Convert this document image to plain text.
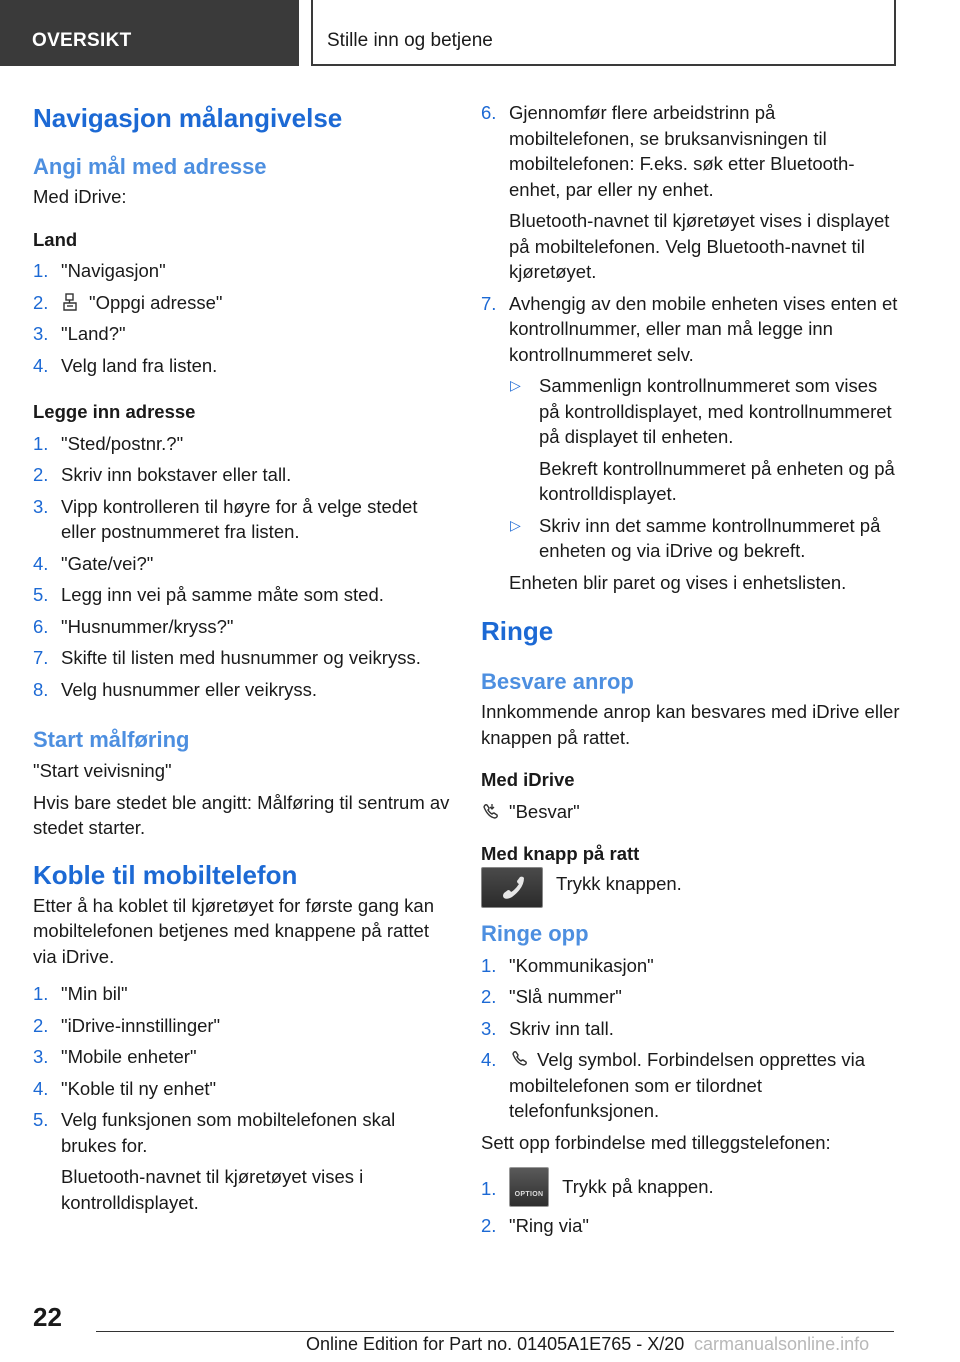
OVERSIKT	Stille inn og betjene
Navigasjon målangivelse
Angi mål med adresse
Med iDrive:
Land
1. "Navigasjon"
2. "Oppgi adresse"
3. "Land?"
4. Velg land fra listen.
Legge inn adresse
1. "Sted/postnr.?"
2. Skriv inn bokstaver eller tall.
3. Vipp kontrolleren til høyre for å velge stedet eller postnummeret fra listen.
4. "Gate/vei?"
5. Legg inn vei på samme måte som sted.
6. "Husnummer/kryss?"
7. Skifte til listen med husnummer og veikryss.
8. Velg husnummer eller veikryss.
Start målføring
"Start veivisning"
Hvis bare stedet ble angitt: Målføring til sentrum av stedet starter.
Koble til mobiltelefon
Etter å ha koblet til kjøretøyet for første gang kan mobiltelefonen betjenes med knappene på rattet via iDrive.
1. "Min bil"
2. "iDrive-innstillinger"
3. "Mobile enheter"
4. "Koble til ny enhet"
5. Velg funksjonen som mobiltelefonen skal brukes for.
Bluetooth-navnet til kjøretøyet vises i kontrolldisplayet.
6. Gjennomfør flere arbeidstrinn på mobiltelefonen, se bruksanvisningen til mobiltelefonen: F.eks. søk etter Bluetooth-enhet, par eller ny enhet.
Bluetooth-navnet til kjøretøyet vises i displayet på mobiltelefonen. Velg Bluetooth-navnet til kjøretøyet.
7. Avhengig av den mobile enheten vises enten et kontrollnummer, eller man må legge inn kontrollnummeret selv.
▷ Sammenlign kontrollnummeret som vises på kontrolldisplayet, med kontrollnummeret på displayet til enheten.
Bekreft kontrollnummeret på enheten og på kontrolldisplayet.
▷ Skriv inn det samme kontrollnummeret på enheten og via iDrive og bekreft.
Enheten blir paret og vises i enhetslisten.
Ringe
Besvare anrop
Innkommende anrop kan besvares med iDrive eller knappen på rattet.
Med iDrive
"Besvar"
Med knapp på ratt
Trykk knappen.
Ringe opp
1. "Kommunikasjon"
2. "Slå nummer"
3. Skriv inn tall.
4. Velg symbol. Forbindelsen opprettes via mobiltelefonen som er tilordnet telefonfunksjonen.
Sett opp forbindelse med tilleggstelefonen:
1.	OPTION Trykk på knappen.
2. "Ring via"
22
Online Edition for Part no. 01405A1E765 - X/20 carmanualsonline.info
